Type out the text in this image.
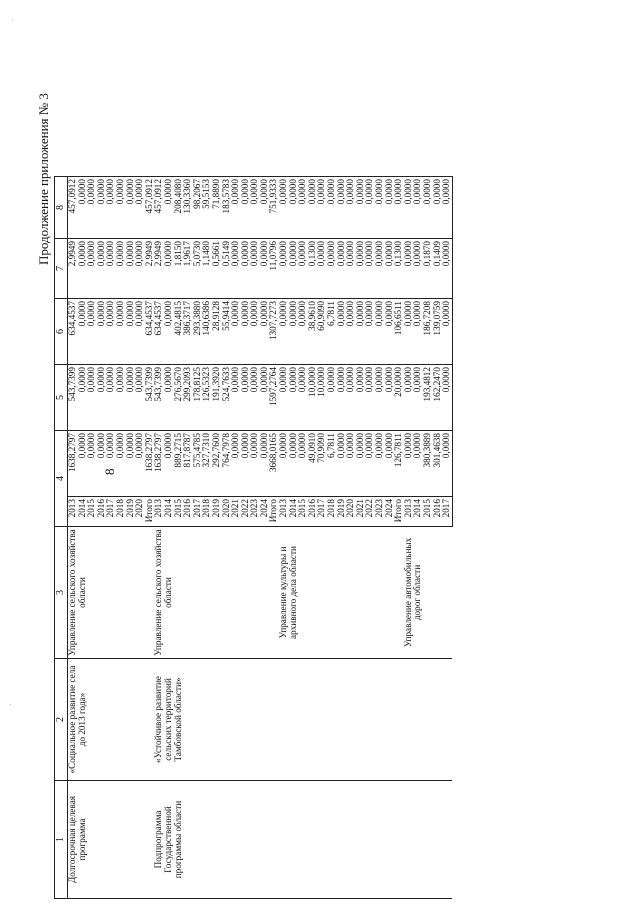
8
Продолжение приложения № 3
1	2	3	4		5	6	7	8
Долгосрочная целевая программа	«Социальное развитие села до 2013 года»	Управление сельского хозяйства области	2013	1638,2797	543,7399	634,4537	2,9949	457,0912
			2014	0,0000	0,0000	0,0000	0,0000	0,0000
			2015	0,0000	0,0000	0,0000	0,0000	0,0000
			2016	0,0000	0,0000	0,0000	0,0000	0,0000
			2017	0,0000	0,0000	0,0000	0,0000	0,0000
			2018	0,0000	0,0000	0,0000	0,0000	0,0000
			2019	0,0000	0,0000	0,0000	0,0000	0,0000
			2020	0,0000	0,0000	0,0000	0,0000	0,0000
			Итого	1638,2797	543,7399	634,4537	2,9949	457,0912
Подпрограмма Государственной программы области	«Устойчивое развитие сельских территорий Тамбовской области»	Управление сельского хозяйства области	2013	1638,2797	543,7399	634,4537	2,9949	457,0912
			2014	0,0000	0,0000	0,0000	0,0000	0,0000
			2015	889,2715	276,5670	402,4815	1,8150	208,4080
			2016	817,8787	299,2093	386,3717	1,9617	130,3360
			2017	575,4785	178,8125	293,3880	5,0730	98,2067
			2018	327,7310	126,5323	140,6386	1,1480	59,5153
			2019	292,7600	191,3920	28,9128	0,5661	71,8890
			2020	764,7978	524,7633	55,9414	0,5149	183,5783
			2021	0,0000	0,0000	0,0000	0,0000	0,0000
			2022	0,0000	0,0000	0,0000	0,0000	0,0000
			2023	0,0000	0,0000	0,0000	0,0000	0,0000
			2024	0,0000	0,0000	0,0000	0,0000	0,0000
			Итого	3668,0165	1597,2764	1307,7273	11,0796	751,9333
		Управление культуры и архивного дела области	2013	0,0000	0,0000	0,0000	0,0000	0,0000
			2014	0,0000	0,0000	0,0000	0,0000	0,0000
			2015	0,0000	0,0000	0,0000	0,0000	0,0000
			2016	49,0910	10,0000	38,9610	0,1300	0,0000
			2017	70,9090	10,0000	60,9090	0,0000	0,0000
			2018	6,7811	0,0000	6,7811	0,0000	0,0000
			2019	0,0000	0,0000	0,0000	0,0000	0,0000
			2020	0,0000	0,0000	0,0000	0,0000	0,0000
			2021	0,0000	0,0000	0,0000	0,0000	0,0000
			2022	0,0000	0,0000	0,0000	0,0000	0,0000
			2023	0,0000	0,0000	0,0000	0,0000	0,0000
			2024	0,0000	0,0000	0,0000	0,0000	0,0000
			Итого	126,7811	20,0000	106,6511	0,1300	0,0000
		Управление автомобильных дорог области	2013	0,0000	0,0000	0,0000	0,0000	0,0000
			2014	0,0000	0,0000	0,0000	0,0000	0,0000
			2015	380,3889	193,4812	186,7208	0,1870	0,0000
			2016	301,4638	162,2470	139,0759	0,1409	0,0000
			2017	0,0000	0,0000	0,0000	0,0000	0,0000
